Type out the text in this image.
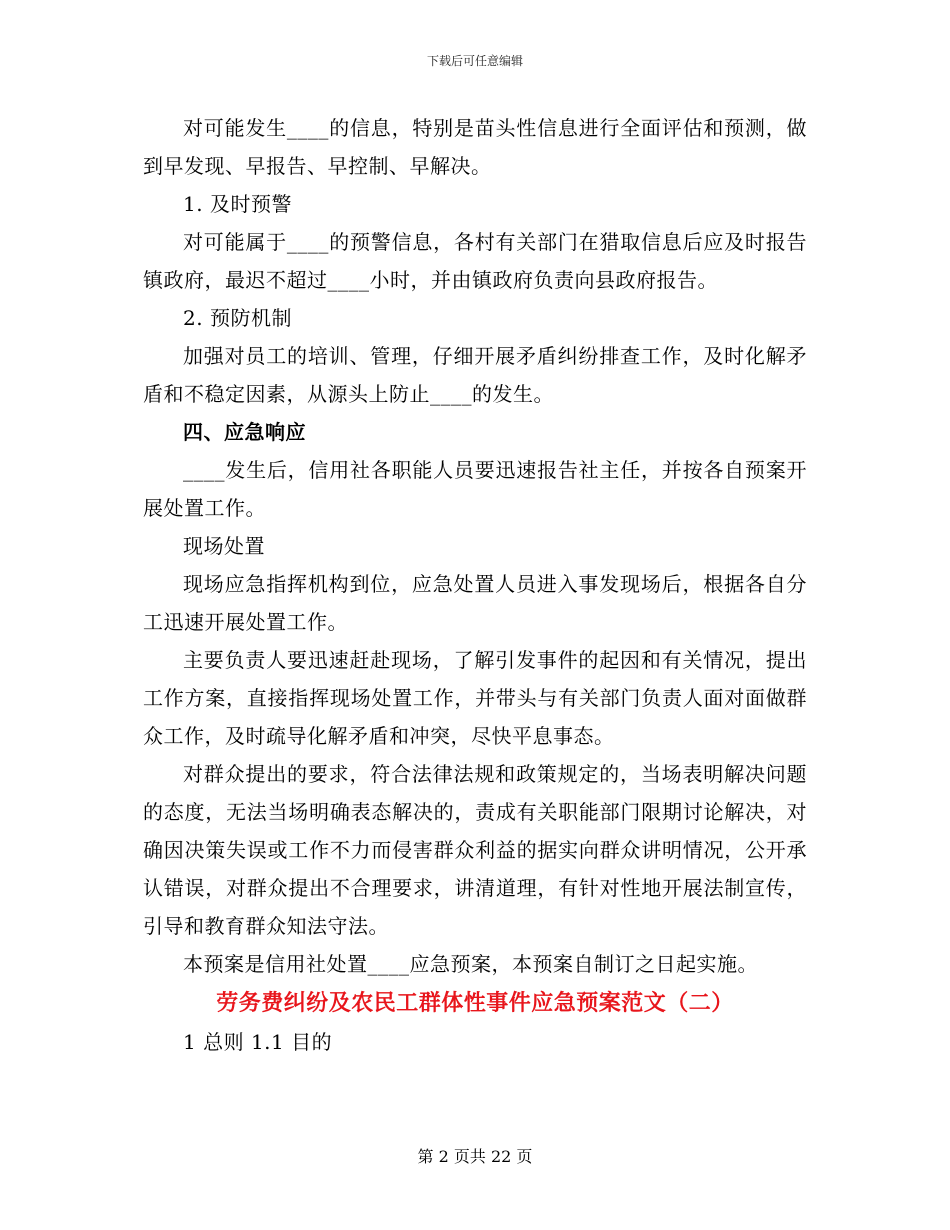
下载后可任意编辑

对可能发生____的信息，特别是苗头性信息进行全面评估和预测，做到早发现、早报告、早控制、早解决。

1. 及时预警

对可能属于____的预警信息，各村有关部门在猎取信息后应及时报告镇政府，最迟不超过____小时，并由镇政府负责向县政府报告。

2. 预防机制

加强对员工的培训、管理，仔细开展矛盾纠纷排查工作，及时化解矛盾和不稳定因素，从源头上防止____的发生。

四、应急响应

____发生后，信用社各职能人员要迅速报告社主任，并按各自预案开展处置工作。

现场处置

现场应急指挥机构到位，应急处置人员进入事发现场后，根据各自分工迅速开展处置工作。

主要负责人要迅速赶赴现场，了解引发事件的起因和有关情况，提出工作方案，直接指挥现场处置工作，并带头与有关部门负责人面对面做群众工作，及时疏导化解矛盾和冲突，尽快平息事态。

对群众提出的要求，符合法律法规和政策规定的，当场表明解决问题的态度，无法当场明确表态解决的，责成有关职能部门限期讨论解决，对确因决策失误或工作不力而侵害群众利益的据实向群众讲明情况，公开承认错误，对群众提出不合理要求，讲清道理，有针对性地开展法制宣传，引导和教育群众知法守法。

本预案是信用社处置____应急预案，本预案自制订之日起实施。

劳务费纠纷及农民工群体性事件应急预案范文（二）

1 总则 1.1 目的

第 2 页共 22 页
